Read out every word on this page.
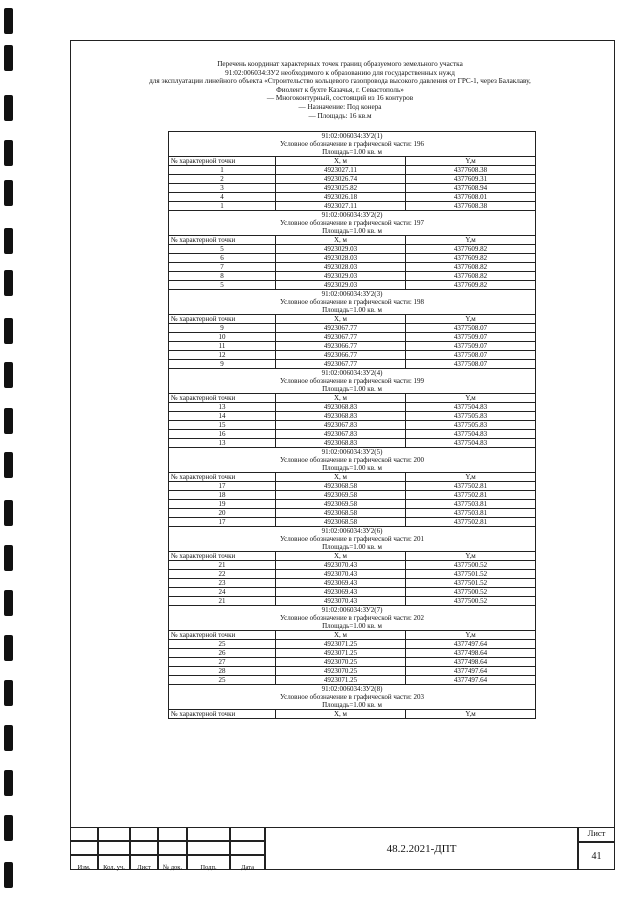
Перечень координат характерных точек границ образуемого земельного участка
91:02:006034:ЗУ2 необходимого к образованию для государственных нужд
для эксплуатации линейного объекта «Строительство кольцевого газопровода высокого давления от ГРС-1, через Балаклаву,
Фиолент к бухте Казачья, г. Севастополь»
— Многоконтурный, состоящий из 16 контуров
— Назначение: Под конера
— Площадь: 16 кв.м
91:02:006034:ЗУ2(1)		
Условное обозначение в графической части: 196		
Площадь=1.00 кв. м		
№ характерной точки	X, м	Y,м
1	4923027.11	4377608.38
2	4923026.74	4377609.31
3	4923025.82	4377608.94
4	4923026.18	4377608.01
1	4923027.11	4377608.38
91:02:006034:ЗУ2(2)		
Условное обозначение в графической части: 197		
Площадь=1.00 кв. м		
№ характерной точки	X, м	Y,м
5	4923029.03	4377609.82
6	4923028.03	4377609.82
7	4923028.03	4377608.82
8	4923029.03	4377608.82
5	4923029.03	4377609.82
91:02:006034:ЗУ2(3)		
Условное обозначение в графической части: 198		
Площадь=1.00 кв. м		
№ характерной точки	X, м	Y,м
9	4923067.77	4377508.07
10	4923067.77	4377509.07
11	4923066.77	4377509.07
12	4923066.77	4377508.07
9	4923067.77	4377508.07
91:02:006034:ЗУ2(4)		
Условное обозначение в графической части: 199		
Площадь=1.00 кв. м		
№ характерной точки	X, м	Y,м
13	4923068.83	4377504.83
14	4923068.83	4377505.83
15	4923067.83	4377505.83
16	4923067.83	4377504.83
13	4923068.83	4377504.83
91:02:006034:ЗУ2(5)		
Условное обозначение в графической части: 200		
Площадь=1.00 кв. м		
№ характерной точки	X, м	Y,м
17	4923068.58	4377502.81
18	4923069.58	4377502.81
19	4923069.58	4377503.81
20	4923068.58	4377503.81
17	4923068.58	4377502.81
91:02:006034:ЗУ2(6)		
Условное обозначение в графической части: 201		
Площадь=1.00 кв. м		
№ характерной точки	X, м	Y,м
21	4923070.43	4377500.52
22	4923070.43	4377501.52
23	4923069.43	4377501.52
24	4923069.43	4377500.52
21	4923070.43	4377500.52
91:02:006034:ЗУ2(7)		
Условное обозначение в графической части: 202		
Площадь=1.00 кв. м		
№ характерной точки	X, м	Y,м
25	4923071.25	4377497.64
26	4923071.25	4377498.64
27	4923070.25	4377498.64
28	4923070.25	4377497.64
25	4923071.25	4377497.64
91:02:006034:ЗУ2(8)		
Условное обозначение в графической части: 203		
Площадь=1.00 кв. м		
№ характерной точки	X, м	Y,м
Изм.	Кол. уч.	Лист	№ док.	Подп.	Дата
48.2.2021-ДПТ
Лист
41
